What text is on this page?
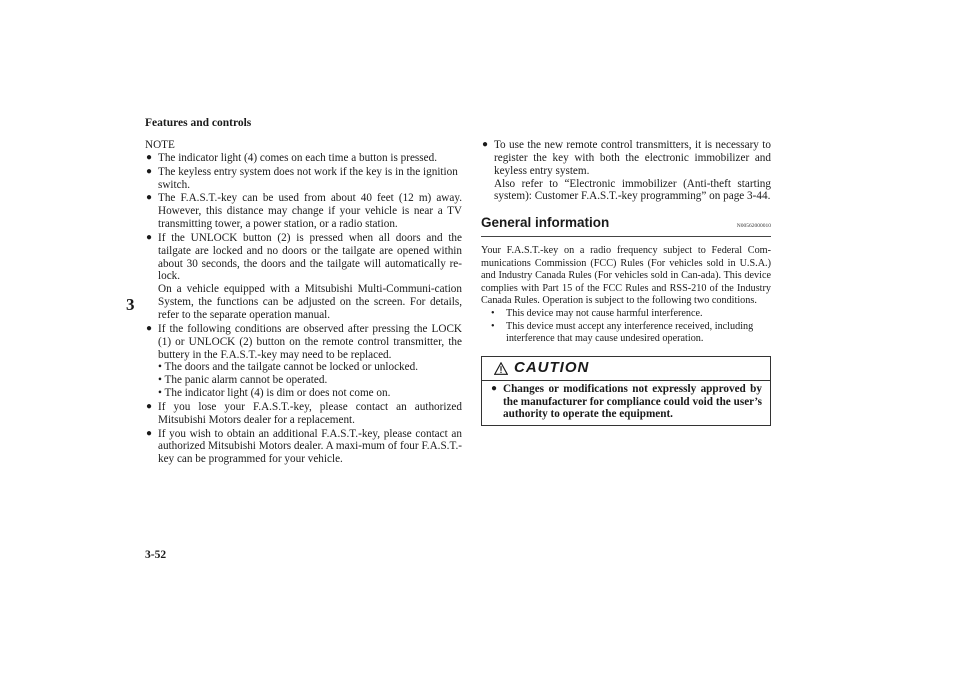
Features and controls
3

NOTE

● The indicator light (4) comes on each time a button is pressed.
● The keyless entry system does not work if the key is in the ignition switch.
● The F.A.S.T.-key can be used from about 40 feet (12 m) away. However, this distance may change if your vehicle is near a TV transmitting tower, a power station, or a radio station.
● If the UNLOCK button (2) is pressed when all doors and the tailgate are locked and no doors or the tailgate are opened within about 30 seconds, the doors and the tailgate will automatically re-lock.
On a vehicle equipped with a Mitsubishi Multi-Communi-cation System, the functions can be adjusted on the screen. For details, refer to the separate operation manual.
● If the following conditions are observed after pressing the LOCK (1) or UNLOCK (2) button on the remote control transmitter, the buttery in the F.A.S.T.-key may need to be replaced.
• The doors and the tailgate cannot be locked or unlocked.
• The panic alarm cannot be operated.
• The indicator light (4) is dim or does not come on.
● If you lose your F.A.S.T.-key, please contact an authorized Mitsubishi Motors dealer for a replacement.
● If you wish to obtain an additional F.A.S.T.-key, please contact an authorized Mitsubishi Motors dealer. A maxi-mum of four F.A.S.T.-key can be programmed for your vehicle.
● To use the new remote control transmitters, it is necessary to register the key with both the electronic immobilizer and keyless entry system.
Also refer to “Electronic immobilizer (Anti-theft starting system): Customer F.A.S.T.-key programming” on page 3-44.
General information	N00562000010

Your F.A.S.T.-key on a radio frequency subject to Federal Com-munications Commission (FCC) Rules (For vehicles sold in U.S.A.) and Industry Canada Rules (For vehicles sold in Can-ada). This device complies with Part 15 of the FCC Rules and RSS-210 of the Industry Canada Rules. Operation is subject to the following two conditions.

• This device may not cause harmful interference.
• This device must accept any interference received, including interference that may cause undesired operation.
CAUTION
● Changes or modifications not expressly approved by the manufacturer for compliance could void the user’s authority to operate the equipment.
3-52
